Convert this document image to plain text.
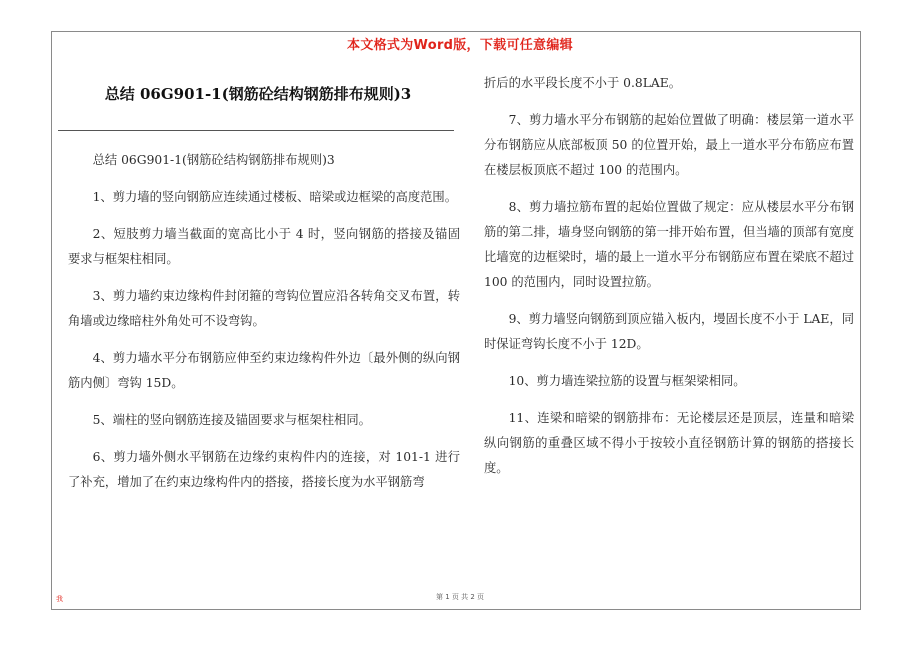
本文格式为Word版，下载可任意编辑
总结 06G901-1(钢筋砼结构钢筋排布规则)3

总结 06G901-1(钢筋砼结构钢筋排布规则)3

1、剪力墙的竖向钢筋应连续通过楼板、暗梁或边框梁的高度范围。

2、短肢剪力墙当截面的宽高比小于 4 时，竖向钢筋的搭接及锚固要求与框架柱相同。

3、剪力墙约束边缘构件封闭箍的弯钩位置应沿各转角交叉布置，转角墙或边缘暗柱外角处可不设弯钩。

4、剪力墙水平分布钢筋应伸至约束边缘构件外边〔最外侧的纵向钢筋内侧〕弯钩 15D。

5、端柱的竖向钢筋连接及锚固要求与框架柱相同。

6、剪力墙外侧水平钢筋在边缘约束构件内的连接，对 101-1 进行了补充，增加了在约束边缘构件内的搭接，搭接长度为水平钢筋弯

折后的水平段长度不小于 0.8LAE。

7、剪力墙水平分布钢筋的起始位置做了明确：楼层第一道水平分布钢筋应从底部板顶 50 的位置开始，最上一道水平分布筋应布置在楼层板顶底不超过 100 的范围内。

8、剪力墙拉筋布置的起始位置做了规定：应从楼层水平分布钢筋的第二排，墙身竖向钢筋的第一排开始布置，但当墙的顶部有宽度比墙宽的边框梁时，墙的最上一道水平分布钢筋应布置在梁底不超过 100 的范围内，同时设置拉筋。

9、剪力墙竖向钢筋到顶应锚入板内，墁固长度不小于 LAE，同时保证弯钩长度不小于 12D。

10、剪力墙连梁拉筋的设置与框架梁相同。

11、连梁和暗梁的钢筋排布：无论楼层还是顶层，连量和暗梁纵向钢筋的重叠区域不得小于按较小直径钢筋计算的钢筋的搭接长度。

我	第 1 页 共 2 页
